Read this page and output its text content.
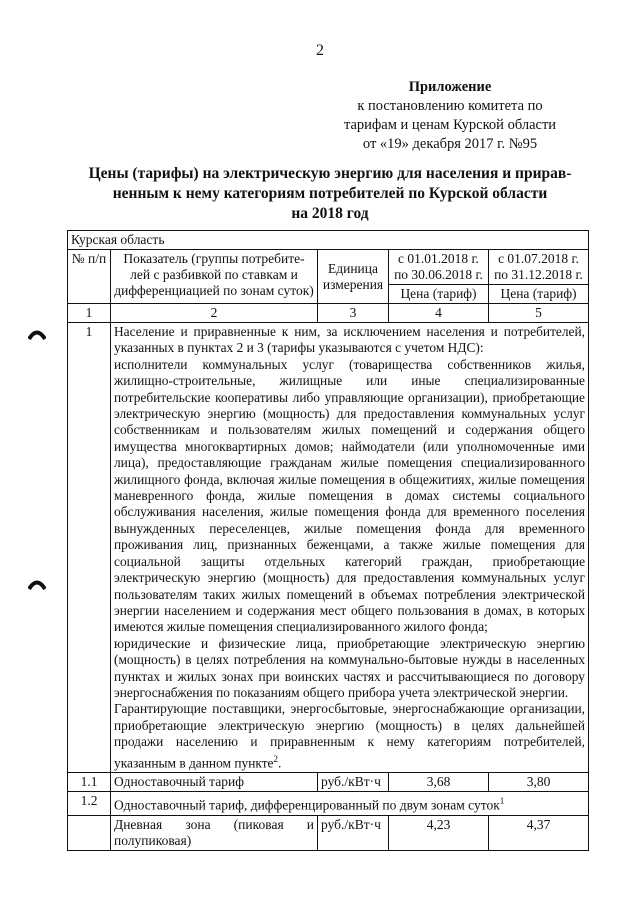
2
Приложение
к постановлению комитета по
тарифам и ценам Курской области
от «19» декабря 2017 г. №95
Цены (тарифы) на электрическую энергию для населения и прирав-
ненным к нему категориям потребителей по Курской области
на 2018 год
Курская область				
№ п/п	Показатель (группы потребите-лей с разбивкой по ставкам и дифференциацией по зонам суток)	Единица измерения	с 01.01.2018 г. по 30.06.2018 г.	с 01.07.2018 г. по 31.12.2018 г.
			Цена (тариф)	Цена (тариф)
1	2	3	4	5
1	Население и приравненные к ним, за исключением населения и потребителей, указанных в пунктах 2 и 3 (тарифы указываются с учетом НДС):

исполнители коммунальных услуг (товарищества собственников жилья, жилищно-строительные, жилищные или иные специализированные потребительские кооперативы либо управляющие организации), приобретающие электрическую энергию (мощность) для предоставления коммунальных услуг собственникам и пользователям жилых помещений и содержания общего имущества многоквартирных домов; наймодатели (или уполномоченные ими лица), предоставляющие гражданам жилые помещения специализированного жилищного фонда, включая жилые помещения в общежитиях, жилые помещения маневренного фонда, жилые помещения в домах системы социального обслуживания населения, жилые помещения фонда для временного поселения вынужденных переселенцев, жилые помещения фонда для временного проживания лиц, признанных беженцами, а также жилые помещения для социальной защиты отдельных категорий граждан, приобретающие электрическую энергию (мощность) для предоставления коммунальных услуг пользователям таких жилых помещений в объемах потребления электрической энергии населением и содержания мест общего пользования в домах, в которых имеются жилые помещения специализированного жилого фонда;

юридические и физические лица, приобретающие электрическую энергию (мощность) в целях потребления на коммунально-бытовые нужды в населенных пунктах и жилых зонах при воинских частях и рассчитывающиеся по договору энергоснабжения по показаниям общего прибора учета электрической энергии.

Гарантирующие поставщики, энергосбытовые, энергоснабжающие организации, приобретающие электрическую энергию (мощность) в целях дальнейшей продажи населению и приравненным к нему категориям потребителей, указанным в данном пункте$^2$.			

1.1	Одноставочный тариф	руб./кВт·ч	3,68	3,80
1.2	Одноставочный тариф, дифференцированный по двум зонам суток$^1$
	Дневная зона (пиковая и полупиковая)	руб./кВт·ч	4,23	4,37
